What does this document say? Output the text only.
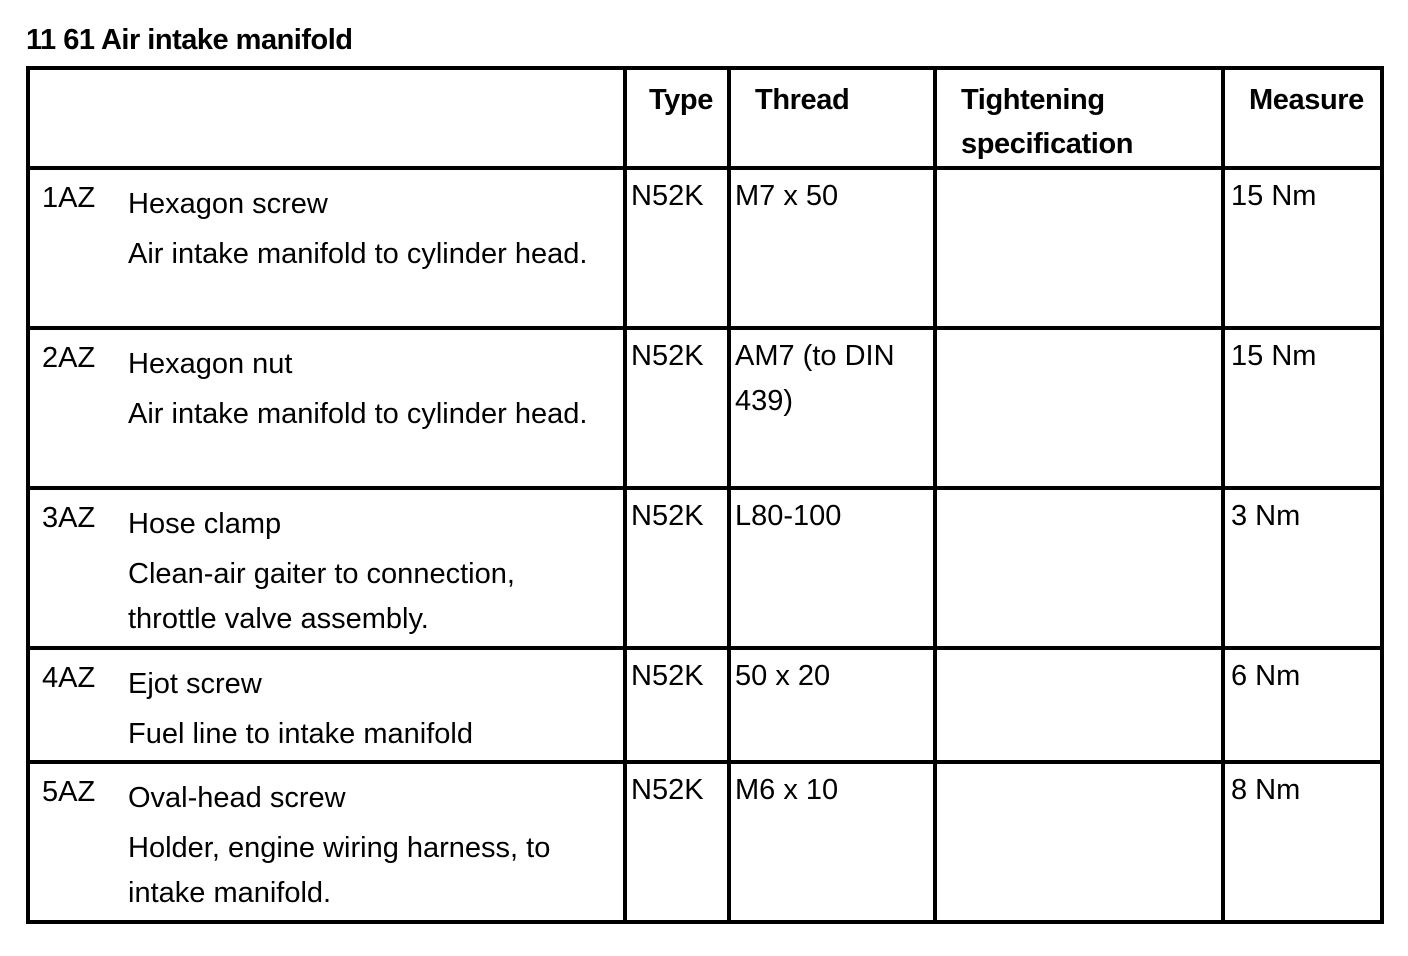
11 61 Air intake manifold

	Type	Thread	Tightening specification	Measure

1AZ Hexagon screw
Air intake manifold to cylinder head.	N52K	M7 x 50		15 Nm

2AZ Hexagon nut
Air intake manifold to cylinder head.	N52K	AM7 (to DIN 439)		15 Nm

3AZ Hose clamp
Clean-air gaiter to connection, throttle valve assembly.	N52K	L80-100		3 Nm

4AZ Ejot screw
Fuel line to intake manifold	N52K	50 x 20		6 Nm

5AZ Oval-head screw
Holder, engine wiring harness, to intake manifold.	N52K	M6 x 10		8 Nm
